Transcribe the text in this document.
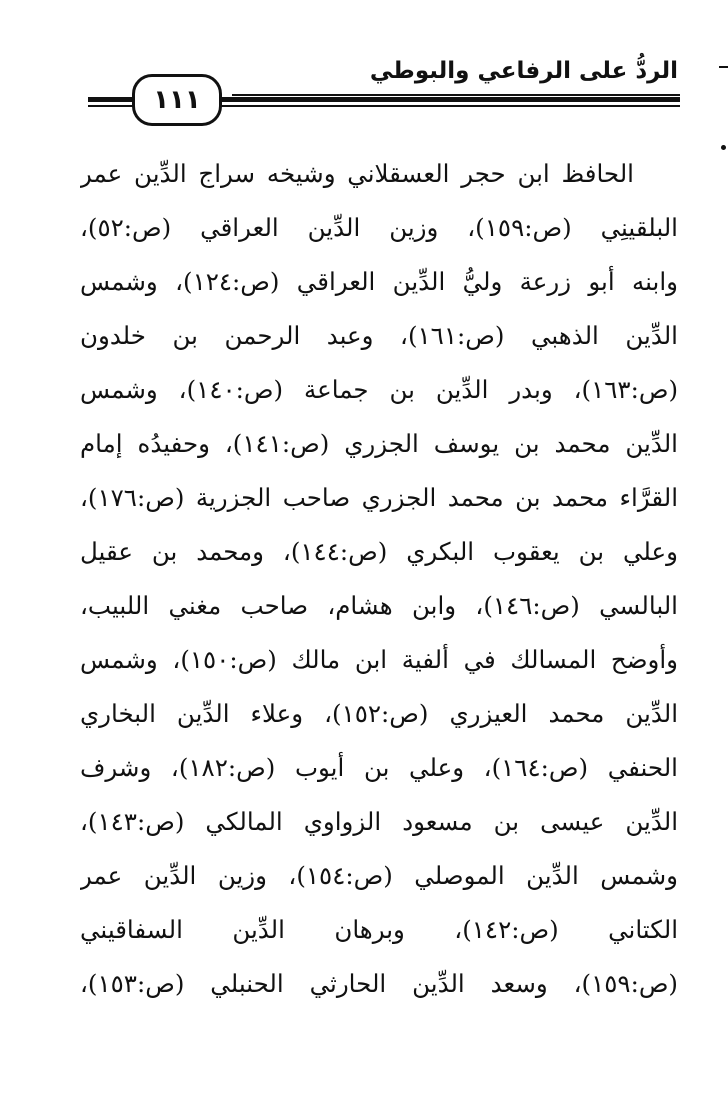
الردُّ على الرفاعي والبوطي
١١١
الحافظ ابن حجر العسقلاني وشيخه سراج الدِّين عمر
البلقينِي (ص:١٥٩)، وزين الدِّين العراقي (ص:٥٢)،
وابنه أبو زرعة وليُّ الدِّين العراقي (ص:١٢٤)، وشمس
الدِّين الذهبي (ص:١٦١)، وعبد الرحمن بن خلدون
(ص:١٦٣)، وبدر الدِّين بن جماعة (ص:١٤٠)، وشمس
الدِّين محمد بن يوسف الجزري (ص:١٤١)، وحفيدُه إمام
القرَّاء محمد بن محمد الجزري صاحب الجزرية (ص:١٧٦)،
وعلي بن يعقوب البكري (ص:١٤٤)، ومحمد بن عقيل
البالسي (ص:١٤٦)، وابن هشام، صاحب مغني اللبيب،
وأوضح المسالك في ألفية ابن مالك (ص:١٥٠)، وشمس
الدِّين محمد العيزري (ص:١٥٢)، وعلاء الدِّين البخاري
الحنفي (ص:١٦٤)، وعلي بن أيوب (ص:١٨٢)، وشرف
الدِّين عيسى بن مسعود الزواوي المالكي (ص:١٤٣)،
وشمس الدِّين الموصلي (ص:١٥٤)، وزين الدِّين عمر
الكتاني (ص:١٤٢)، وبرهان الدِّين السفاقيني
(ص:١٥٩)، وسعد الدِّين الحارثي الحنبلي (ص:١٥٣)،
